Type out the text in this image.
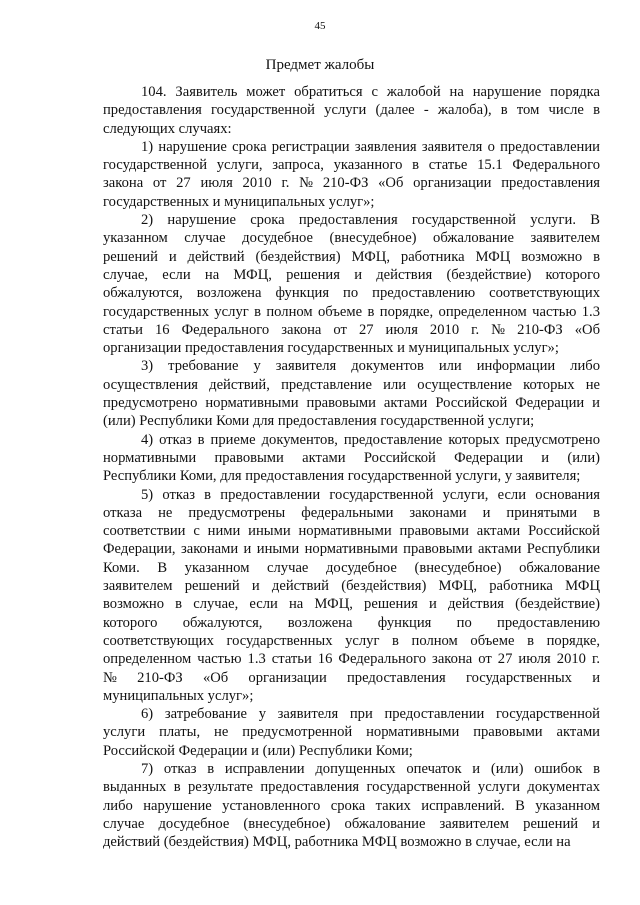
45
Предмет жалобы
104. Заявитель может обратиться с жалобой на нарушение порядка
предоставления государственной услуги (далее - жалоба), в том числе в
следующих случаях:
1) нарушение срока регистрации заявления заявителя о предоставлении
государственной услуги, запроса, указанного в статье 15.1 Федерального
закона от 27 июля 2010 г. № 210-ФЗ «Об организации предоставления
государственных и муниципальных услуг»;
2) нарушение срока предоставления государственной услуги. В
указанном случае досудебное (внесудебное) обжалование заявителем
решений и действий (бездействия) МФЦ, работника МФЦ возможно в
случае, если на МФЦ, решения и действия (бездействие) которого
обжалуются, возложена функция по предоставлению соответствующих
государственных услуг в полном объеме в порядке, определенном частью 1.3
статьи 16 Федерального закона от 27 июля 2010 г. № 210-ФЗ «Об
организации предоставления государственных и муниципальных услуг»;
3) требование у заявителя документов или информации либо
осуществления действий, представление или осуществление которых не
предусмотрено нормативными правовыми актами Российской Федерации и
(или) Республики Коми для предоставления государственной услуги;
4) отказ в приеме документов, предоставление которых предусмотрено
нормативными правовыми актами Российской Федерации и (или)
Республики Коми, для предоставления государственной услуги, у заявителя;
5) отказ в предоставлении государственной услуги, если основания
отказа не предусмотрены федеральными законами и принятыми в
соответствии с ними иными нормативными правовыми актами Российской
Федерации, законами и иными нормативными правовыми актами Республики
Коми. В указанном случае досудебное (внесудебное) обжалование
заявителем решений и действий (бездействия) МФЦ, работника МФЦ
возможно в случае, если на МФЦ, решения и действия (бездействие)
которого обжалуются, возложена функция по предоставлению
соответствующих государственных услуг в полном объеме в порядке,
определенном частью 1.3 статьи 16 Федерального закона от 27 июля 2010 г.
№ 210-ФЗ «Об организации предоставления государственных и
муниципальных услуг»;
6) затребование у заявителя при предоставлении государственной
услуги платы, не предусмотренной нормативными правовыми актами
Российской Федерации и (или) Республики Коми;
7) отказ в исправлении допущенных опечаток и (или) ошибок в
выданных в результате предоставления государственной услуги документах
либо нарушение установленного срока таких исправлений. В указанном
случае досудебное (внесудебное) обжалование заявителем решений и
действий (бездействия) МФЦ, работника МФЦ возможно в случае, если на
